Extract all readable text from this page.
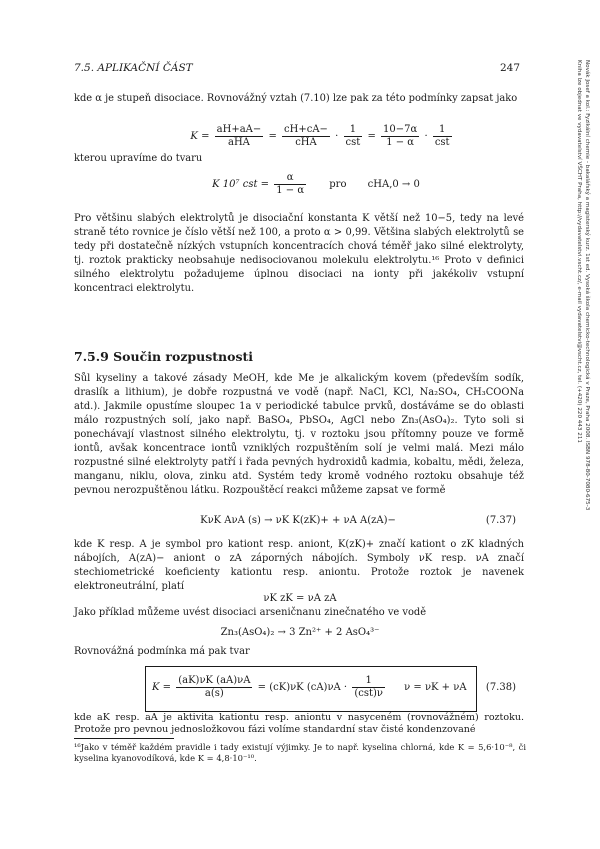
7.5. APLIKAČNÍ ČÁST	247	Novák Josef a kol.: Fyzikální chemie - bakalářský a magisterský kurz. 1st ed. Vysoká škola chemicko-technologická v Praze, Praha 2008. ISBN 978-80-7080-675-3
Kniha lze objednat ve vydavatelství VŠCHT Praha, http://vydavatelstvi.vscht.cz/, e-mail vydavatelstvi@vscht.cz, tel. (+420) 220 443 211

kde α je stupeň disociace. Rovnovážný vztah (7.10) lze pak za této podmínky zapsat jako

$K = \frac{aH+aA-}{\text{aHA}} = \frac{cH+cA-}{\text{cHA}} \cdot \frac{1}{\text{cst}} = \frac{10-7\alpha}{1 - \alpha} \cdot \frac{1}{\text{cst}}$

kterou upravíme do tvaru

K 10⁷ cst = $\frac{\alpha}{1 - \alpha}$ pro cHA,0 → 0

Pro většinu slabých elektrolytů je disociační konstanta K větší než 10−5, tedy na levé straně této rovnice je číslo větší než 100, a proto α > 0,99. Většina slabých elektrolytů se tedy při dostatečně nízkých vstupních koncentracích chová téměř jako silné elektrolyty, tj. roztok prakticky neobsahuje nedisociovanou molekulu elektrolytu.¹⁶ Proto v definici silného elektrolytu požadujeme úplnou disociaci na ionty při jakékoliv vstupní koncentraci elektrolytu.

7.5.9 Součin rozpustnosti

Sůl kyseliny a takové zásady MeOH, kde Me je alkalickým kovem (především sodík, draslík a lithium), je dobře rozpustná ve vodě (např. NaCl, KCl, Na₂SO₄, CH₃COONa atd.). Jakmile opustíme sloupec 1a v periodické tabulce prvků, dostáváme se do oblasti málo rozpustných solí, jako např. BaSO₄, PbSO₄, AgCl nebo Zn₃(AsO₄)₂. Tyto soli si ponechávají vlastnost silného elektrolytu, tj. v roztoku jsou přítomny pouze ve formě iontů, avšak koncentrace iontů vzniklých rozpuštěním solí je velmi malá. Mezi málo rozpustné silné elektrolyty patří i řada pevných hydroxidů kadmia, kobaltu, mědi, železa, manganu, niklu, olova, zinku atd. Systém tedy kromě vodného roztoku obsahuje též pevnou nerozpuštěnou látku. Rozpouštěcí reakci můžeme zapsat ve formě

KνK AνA (s) → νK K(zK)+ + νA A(zA)−	(7.37)

kde K resp. A je symbol pro kationt resp. aniont, K(zK)+ značí kationt o zK kladných nábojích, A(zA)− aniont o zA záporných nábojích. Symboly νK resp. νA značí stechiometrické koeficienty kationtu resp. aniontu. Protože roztok je navenek elektroneutrální, platí

νK zK = νA zA

Jako příklad můžeme uvést disociaci arseničnanu zinečnatého ve vodě

Zn₃(AsO₄)₂ → 3 Zn²⁺ + 2 AsO₄³⁻

Rovnovážná podmínka má pak tvar

$K = \frac{(aK)\nu K (aA)\nu A}{a(s)} = (cK)\nu K$ $(cA)\nu A \cdot \frac{1}{\text{(cst)ν}}$ ν = νK + νA	(7.38)

kde aK resp. aA je aktivita kationtu resp. aniontu v nasyceném (rovnovážném) roztoku. Protože pro pevnou jednosložkovou fázi volíme standardní stav čisté kondenzované

¹⁶Jako v téměř každém pravidle i tady existují výjimky. Je to např. kyselina chlorná, kde K = 5,6·10⁻⁸, či kyselina kyanovodíková, kde K = 4,8·10⁻¹⁰.
